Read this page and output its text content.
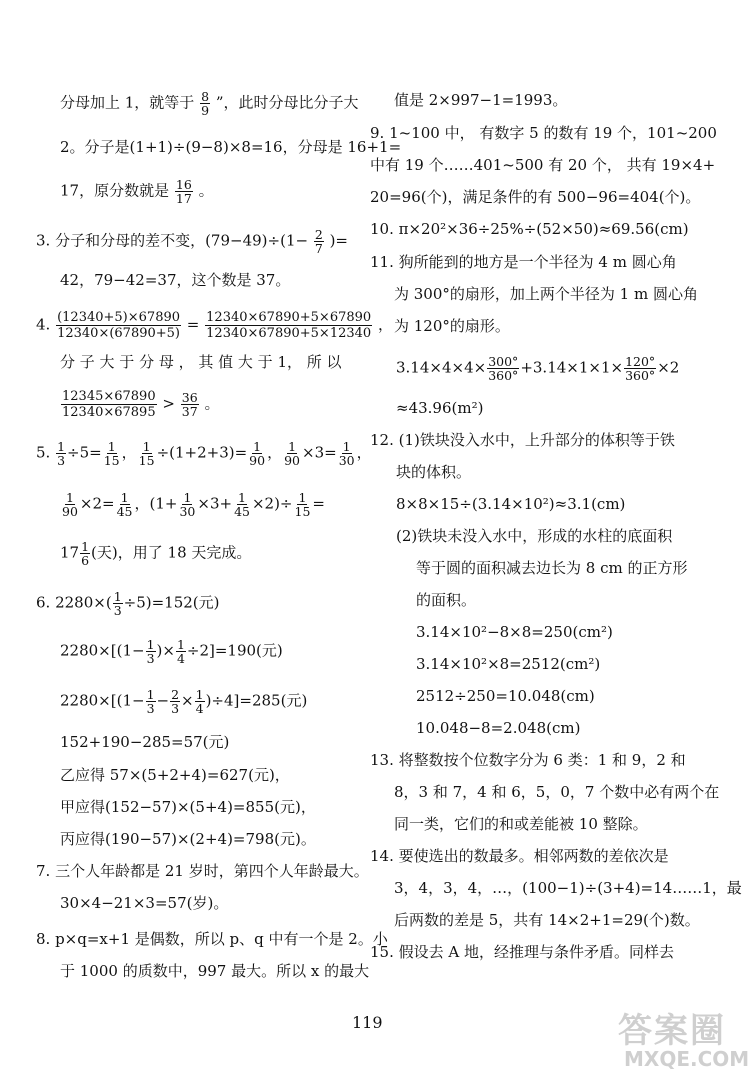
分母加上 1，就等于 $\frac{8}{9}$ ”，此时分母比分子大
2。分子是(1+1)÷(9−8)×8=16，分母是 16+1=
17，原分数就是 $\frac{16}{17}$ 。
3. 分子和分母的差不变，$(79-49)\div(1- \frac{2}{7}$ )=
42，79−42=37，这个数是 37。
4. $\frac{(12340+5)\times 67890}{12340\times(67890+5)} = \frac{12340\times 67890+5\times 67890}{12340\times 67890+5\times 12340}$ ，
分 子 大 于 分 母 ， 其 值 大 于 1， 所 以
$\frac{12345\times 67890}{12340\times 67895} > \frac{36}{37}$ 。
5. $\frac{1}{3} \div 5= \frac{1}{15}$ ， $\frac{1}{15} \div(1+2+3)= \frac{1}{90}$ ， $\frac{1}{90} \times 3= \frac{1}{30}$ ，
$\frac{1}{90} \times 2= \frac{1}{45}$ ，$(1+ \frac{1}{30} \times 3+ \frac{1}{45} \times 2)\div \frac{1}{15}$ =
$17 \frac{1}{6}$ (天)，用了 18 天完成。
6. $2280\times( \frac{1}{3} \div 5)=152$(元)
$2280\times[(1- \frac{1}{3}$ )× $\frac{1}{4} \div 2]=190$(元)
$2280\times[(1- \frac{1}{3} - \frac{2}{3} \times \frac{1}{4} )\div 4]=285$(元)
152+190−285=57(元)
乙应得 57×(5+2+4)=627(元)，
甲应得(152−57)×(5+4)=855(元)，
丙应得(190−57)×(2+4)=798(元)。
7. 三个人年龄都是 21 岁时，第四个人年龄最大。
30×4−21×3=57(岁)。
8. p×q=x+1 是偶数，所以 p、q 中有一个是 2。小
于 1000 的质数中，997 最大。所以 x 的最大
值是 2×997−1=1993。
9. 1~100 中， 有数字 5 的数有 19 个，101~200
中有 19 个……401~500 有 20 个， 共有 19×4+
20=96(个)，满足条件的有 500−96=404(个)。
10. π×20²×36÷25%÷(52×50)≈69.56(cm)
11. 狗所能到的地方是一个半径为 4 m 圆心角
为 300°的扇形，加上两个半径为 1 m 圆心角
为 120°的扇形。
$3.14\times 4\times 4\times \frac{300^\circ}{360^\circ} +3.14\times 1\times 1\times \frac{120^\circ}{360^\circ} \times 2$
≈43.96(m²)
12. (1)铁块没入水中，上升部分的体积等于铁
块的体积。
8×8×15÷(3.14×10²)≈3.1(cm)
(2)铁块未没入水中，形成的水柱的底面积
等于圆的面积减去边长为 8 cm 的正方形
的面积。
3.14×10²−8×8=250(cm²)
3.14×10²×8=2512(cm²)
2512÷250=10.048(cm)
10.048−8=2.048(cm)
13. 将整数按个位数字分为 6 类：1 和 9，2 和
8，3 和 7，4 和 6，5，0，7 个数中必有两个在
同一类，它们的和或差能被 10 整除。
14. 要使选出的数最多。相邻两数的差依次是
3，4，3，4，…，(100−1)÷(3+4)=14……1，最
后两数的差是 5，共有 14×2+1=29(个)数。
15. 假设去 A 地，经推理与条件矛盾。同样去
119	答案圈
MXQE.COM
